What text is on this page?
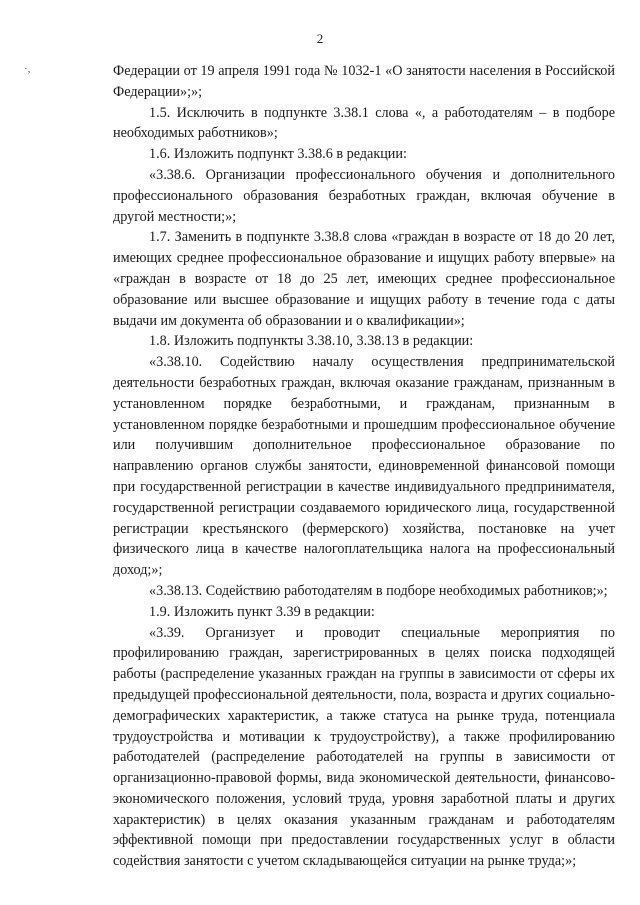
2
·,	Федерации от 19 апреля 1991 года № 1032-1 «О занятости населения в Российской Федерации»;»;

1.5. Исключить в подпункте 3.38.1 слова «, а работодателям – в подборе необходимых работников»;

1.6. Изложить подпункт 3.38.6 в редакции:

«3.38.6. Организации профессионального обучения и дополнительного профессионального образования безработных граждан, включая обучение в другой местности;»;

1.7. Заменить в подпункте 3.38.8 слова «граждан в возрасте от 18 до 20 лет, имеющих среднее профессиональное образование и ищущих работу впервые» на «граждан в возрасте от 18 до 25 лет, имеющих среднее профессиональное образование или высшее образование и ищущих работу в течение года с даты выдачи им документа об образовании и о квалификации»;

1.8. Изложить подпункты 3.38.10, 3.38.13 в редакции:

«3.38.10. Содействию началу осуществления предпринимательской деятельности безработных граждан, включая оказание гражданам, признанным в установленном порядке безработными, и гражданам, признанным в установленном порядке безработными и прошедшим профессиональное обучение или получившим дополнительное профессиональное образование по направлению органов службы занятости, единовременной финансовой помощи при государственной регистрации в качестве индивидуального предпринимателя, государственной регистрации создаваемого юридического лица, государственной регистрации крестьянского (фермерского) хозяйства, постановке на учет физического лица в качестве налогоплательщика налога на профессиональный доход;»;

«3.38.13. Содействию работодателям в подборе необходимых работников;»;

1.9. Изложить пункт 3.39 в редакции:

«3.39. Организует и проводит специальные мероприятия по профилированию граждан, зарегистрированных в целях поиска подходящей работы (распределение указанных граждан на группы в зависимости от сферы их предыдущей профессиональной деятельности, пола, возраста и других социально-демографических характеристик, а также статуса на рынке труда, потенциала трудоустройства и мотивации к трудоустройству), а также профилированию работодателей (распределение работодателей на группы в зависимости от организационно-правовой формы, вида экономической деятельности, финансово-экономического положения, условий труда, уровня заработной платы и других характеристик) в целях оказания указанным гражданам и работодателям эффективной помощи при предоставлении государственных услуг в области содействия занятости с учетом складывающейся ситуации на рынке труда;»;
